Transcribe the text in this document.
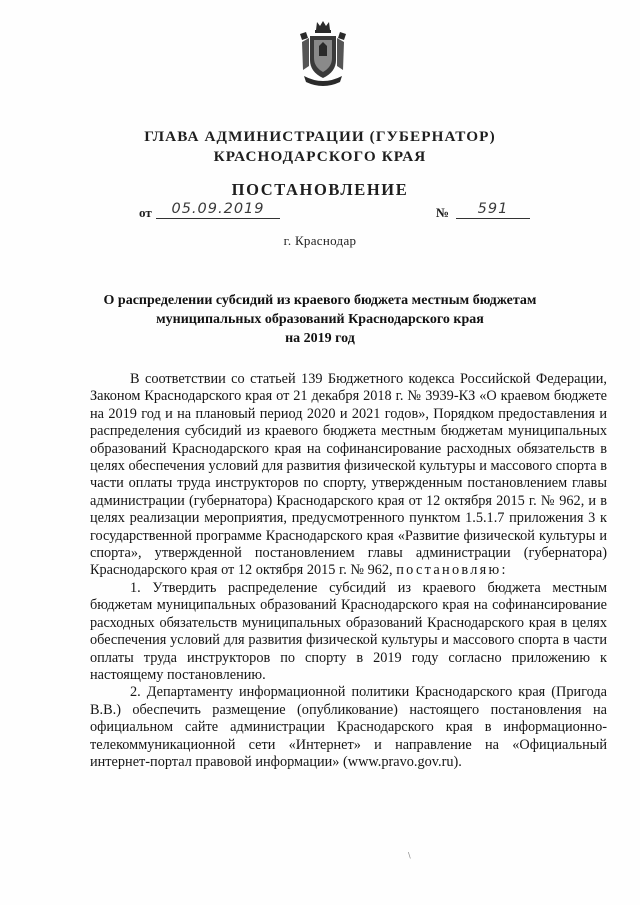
ГЛАВА АДМИНИСТРАЦИИ (ГУБЕРНАТОР)
КРАСНОДАРСКОГО КРАЯ
ПОСТАНОВЛЕНИЕ
от	05.09.2019	№	591
г. Краснодар
О распределении субсидий из краевого бюджета местным бюджетам
муниципальных образований Краснодарского края
на 2019 год

В соответствии со статьей 139 Бюджетного кодекса Российской Федерации, Законом Краснодарского края от 21 декабря 2018 г. № 3939-КЗ «О краевом бюджете на 2019 год и на плановый период 2020 и 2021 годов», Порядком предоставления и распределения субсидий из краевого бюджета местным бюджетам муниципальных образований Краснодарского края на софинансирование расходных обязательств в целях обеспечения условий для развития физической культуры и массового спорта в части оплаты труда инструкторов по спорту, утвержденным постановлением главы администрации (губернатора) Краснодарского края от 12 октября 2015 г. № 962, и в целях реализации мероприятия, предусмотренного пунктом 1.5.1.7 приложения 3 к государственной программе Краснодарского края «Развитие физической культуры и спорта», утвержденной постановлением главы администрации (губернатора) Краснодарского края от 12 октября 2015 г. № 962, постановляю:

1. Утвердить распределение субсидий из краевого бюджета местным бюджетам муниципальных образований Краснодарского края на софинансирование расходных обязательств муниципальных образований Краснодарского края в целях обеспечения условий для развития физической культуры и массового спорта в части оплаты труда инструкторов по спорту в 2019 году согласно приложению к настоящему постановлению.

2. Департаменту информационной политики Краснодарского края (Пригода В.В.) обеспечить размещение (опубликование) настоящего постановления на официальном сайте администрации Краснодарского края в информационно-телекоммуникационной сети «Интернет» и направление на «Официальный интернет-портал правовой информации» (www.pravo.gov.ru).

\
